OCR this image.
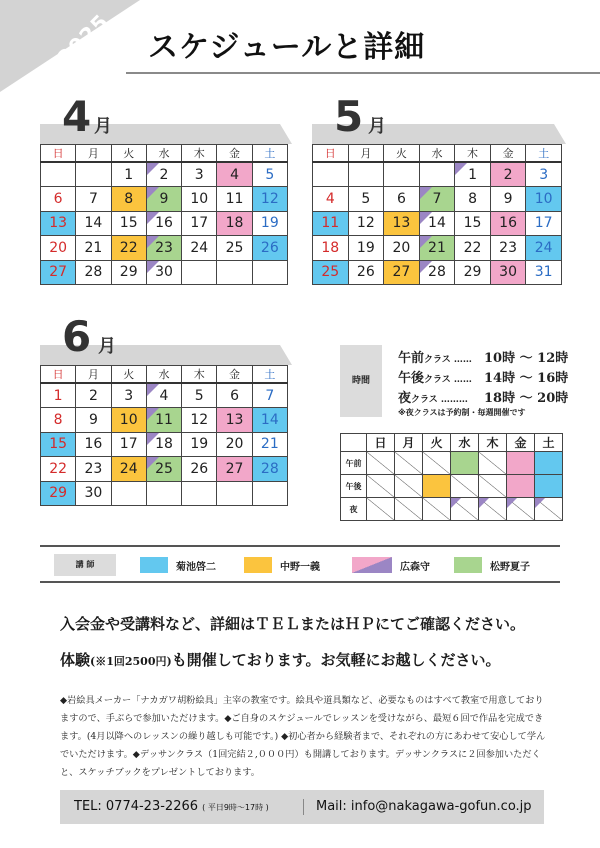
2025 スケジュールと詳細
4 月
日	月	火	水	木	金	土
		1	2	3	4	5
6	7	8	9	10	11	12
13	14	15	16	17	18	19
20	21	22	23	24	25	26
27	28	29	30			
5 月
日	月	火	水	木	金	土
				1	2	3
4	5	6	7	8	9	10
11	12	13	14	15	16	17
18	19	20	21	22	23	24
25	26	27	28	29	30	31
6 月
日	月	火	水	木	金	土
1	2	3	4	5	6	7
8	9	10	11	12	13	14
15	16	17	18	19	20	21
22	23	24	25	26	27	28
29	30					
時間
午前クラス …… 10時 ～ 12時
午後クラス …… 14時 ～ 16時
夜クラス ……… 18時 ～ 20時
※夜クラスは予約制・毎週開催です
	日	月	火	水	木	金	土
午前							
午後							
夜							
講 師	菊池啓二	中野一義	広森守	松野夏子
入会金や受講料など、詳細はＴＥＬまたはＨＰにてご確認ください。
体験(※1回2500円)も開催しております。お気軽にお越しください。
◆岩絵具メーカー「ナカガワ胡粉絵具」主宰の教室です。絵具や道具類など、必要なものはすべて教室で用意しておりますので、手ぶらで参加いただけます。◆ご自身のスケジュールでレッスンを受けながら、最短６回で作品を完成できます。(4月以降へのレッスンの繰り越しも可能です。) ◆初心者から経験者まで、それぞれの方にあわせて安心して学んでいただけます。◆デッサンクラス（1回完結２,０００円）も開講しております。デッサンクラスに２回参加いただくと、スケッチブックをプレゼントしております。
TEL: 0774-23-2266 ( 平日9時～17時 )	Mail: info@nakagawa-gofun.co.jp
